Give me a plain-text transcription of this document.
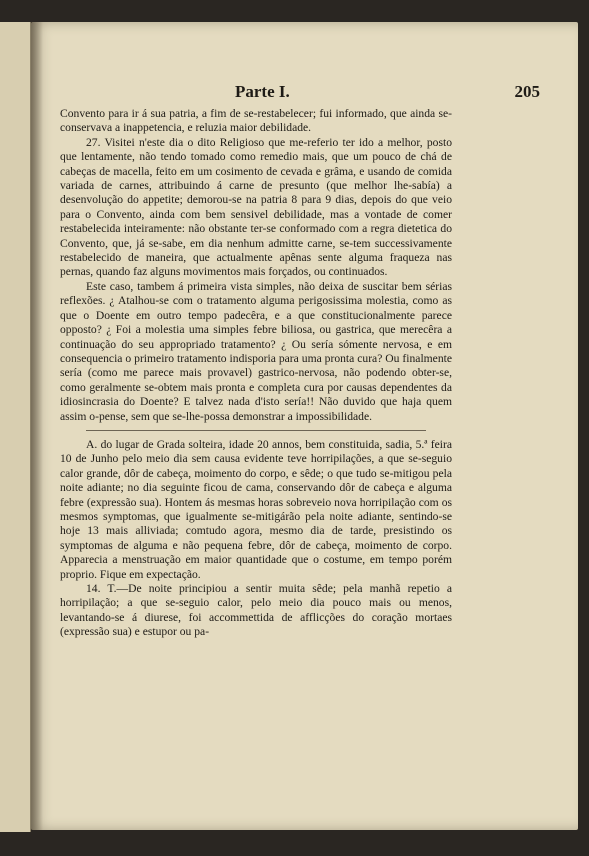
Parte I.	205

Convento para ir á sua patria, a fim de se-restabelecer; fui informado, que ainda se-conservava a inappetencia, e reluzia maior debilidade.

27. Visitei n'este dia o dito Religioso que me-referio ter ido a melhor, posto que lentamente, não tendo tomado como remedio mais, que um pouco de chá de cabeças de macella, feito em um cosimento de cevada e grâma, e usando de comida variada de carnes, attribuindo á carne de presunto (que melhor lhe-sabía) a desenvolução do appetite; demorou-se na patria 8 para 9 dias, depois do que veio para o Convento, ainda com bem sensivel debilidade, mas a vontade de comer restabelecida inteiramente: não obstante ter-se conformado com a regra dietetica do Convento, que, já se-sabe, em dia nenhum admitte carne, se-tem successivamente restabelecido de maneira, que actualmente apênas sente alguma fraqueza nas pernas, quando faz alguns movimentos mais forçados, ou continuados.

Este caso, tambem á primeira vista simples, não deixa de suscitar bem sérias reflexões. ¿ Atalhou-se com o tratamento alguma perigosissima molestia, como as que o Doente em outro tempo padecêra, e a que constitucionalmente parece opposto? ¿ Foi a molestia uma simples febre biliosa, ou gastrica, que merecêra a continuação do seu appropriado tratamento? ¿ Ou sería sómente nervosa, e em consequencia o primeiro tratamento indisporia para uma pronta cura? Ou finalmente sería (como me parece mais provavel) gastrico-nervosa, não podendo obter-se, como geralmente se-obtem mais pronta e completa cura por causas dependentes da idiosincrasia do Doente? E talvez nada d'isto sería!! Não duvido que haja quem assim o-pense, sem que se-lhe-possa demonstrar a impossibilidade.

A. do lugar de Grada solteira, idade 20 annos, bem constituida, sadia, 5.ª feira 10 de Junho pelo meio dia sem causa evidente teve horripilações, a que se-seguio calor grande, dôr de cabeça, moimento do corpo, e sêde; o que tudo se-mitigou pela noite adiante; no dia seguinte ficou de cama, conservando dôr de cabeça e alguma febre (expressão sua). Hontem ás mesmas horas sobreveio nova horripilação com os mesmos symptomas, que igualmente se-mitigárão pela noite adiante, sentindo-se hoje 13 mais alliviada; comtudo agora, mesmo dia de tarde, presistindo os symptomas de alguma e não pequena febre, dôr de cabeça, moimento de corpo. Apparecia a menstruação em maior quantidade que o costume, em tempo porém proprio. Fique em expectação.

14. T.—De noite principiou a sentir muita sêde; pela manhã repetio a horripilação; a que se-seguio calor, pelo meio dia pouco mais ou menos, levantando-se á diurese, foi accommettida de afflicções do coração mortaes (expressão sua) e estupor ou pa-
